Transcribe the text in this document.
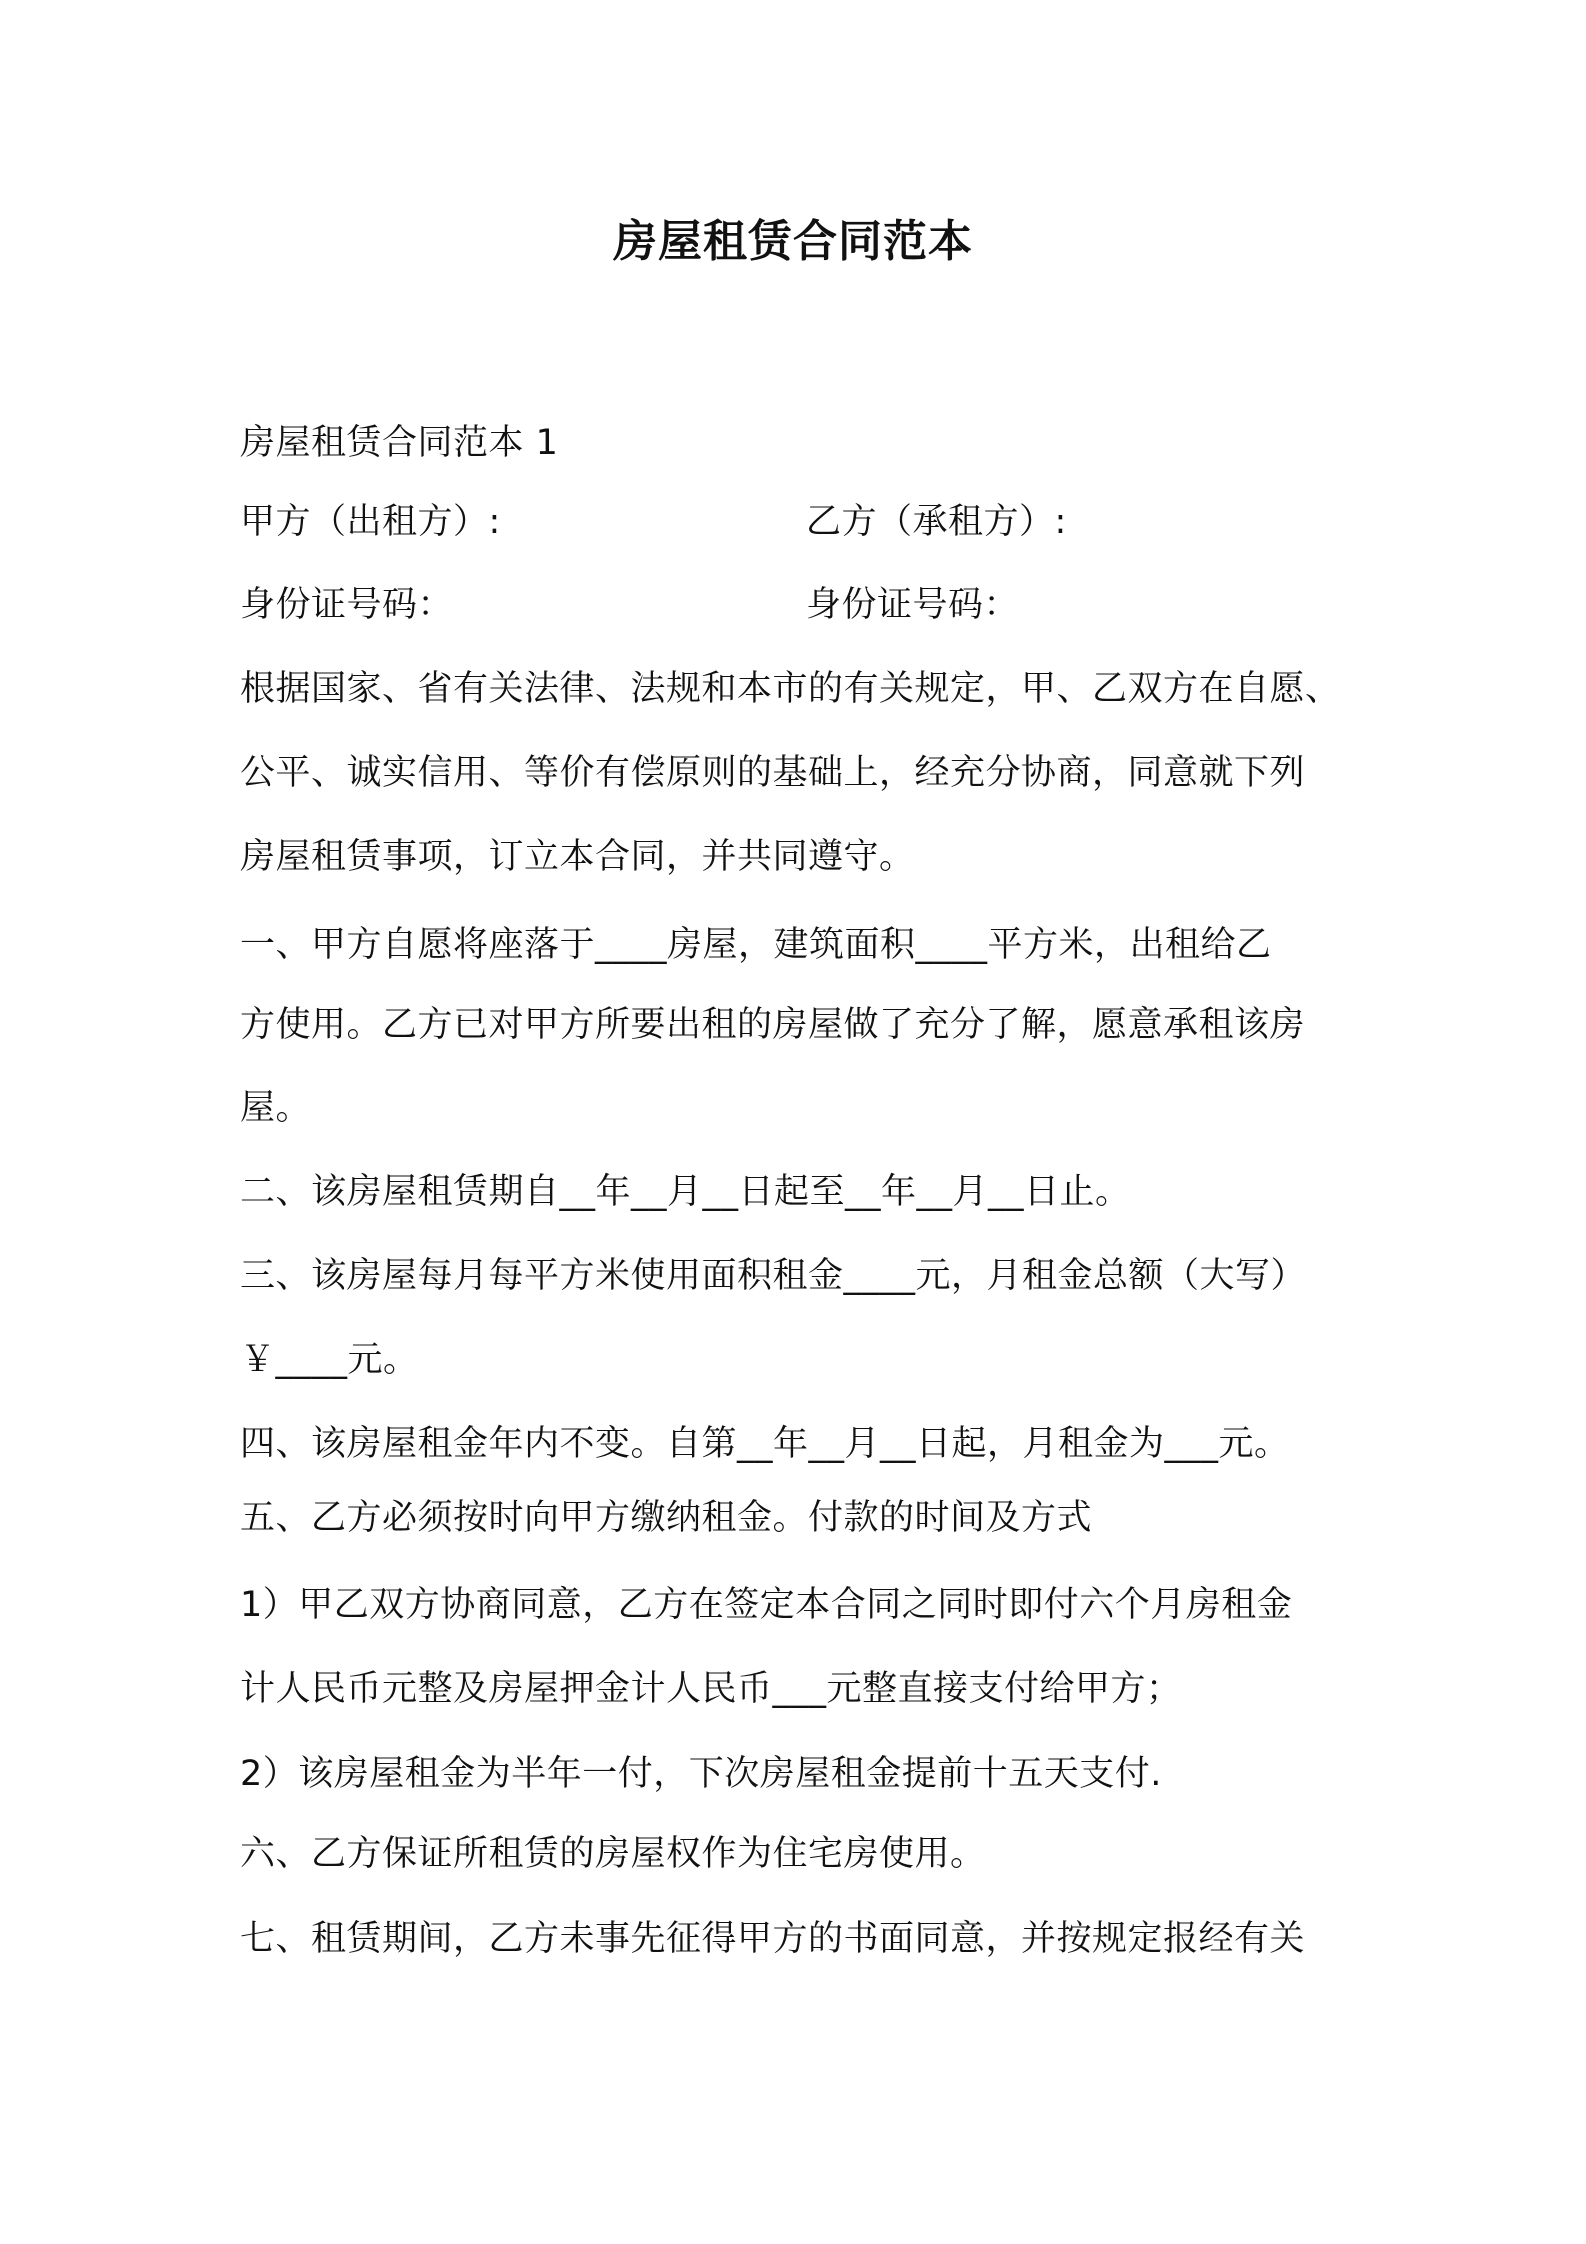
房屋租赁合同范本
房屋租赁合同范本 1
甲方（出租方）:	乙方（承租方）:
身份证号码：	身份证号码：
根据国家、省有关法律、法规和本市的有关规定，甲、乙双方在自愿、
公平、诚实信用、等价有偿原则的基础上，经充分协商，同意就下列
房屋租赁事项，订立本合同，并共同遵守。
一、甲方自愿将座落于____房屋，建筑面积____平方米，出租给乙
方使用。乙方已对甲方所要出租的房屋做了充分了解，愿意承租该房
屋。
二、该房屋租赁期自__年__月__日起至__年__月__日止。
三、该房屋每月每平方米使用面积租金____元，月租金总额（大写）
￥____元。
四、该房屋租金年内不变。自第__年__月__日起，月租金为___元。
五、乙方必须按时向甲方缴纳租金。付款的时间及方式
1）甲乙双方协商同意，乙方在签定本合同之同时即付六个月房租金
计人民币元整及房屋押金计人民币___元整直接支付给甲方；
2）该房屋租金为半年一付，下次房屋租金提前十五天支付.
六、乙方保证所租赁的房屋权作为住宅房使用。
七、租赁期间，乙方未事先征得甲方的书面同意，并按规定报经有关
